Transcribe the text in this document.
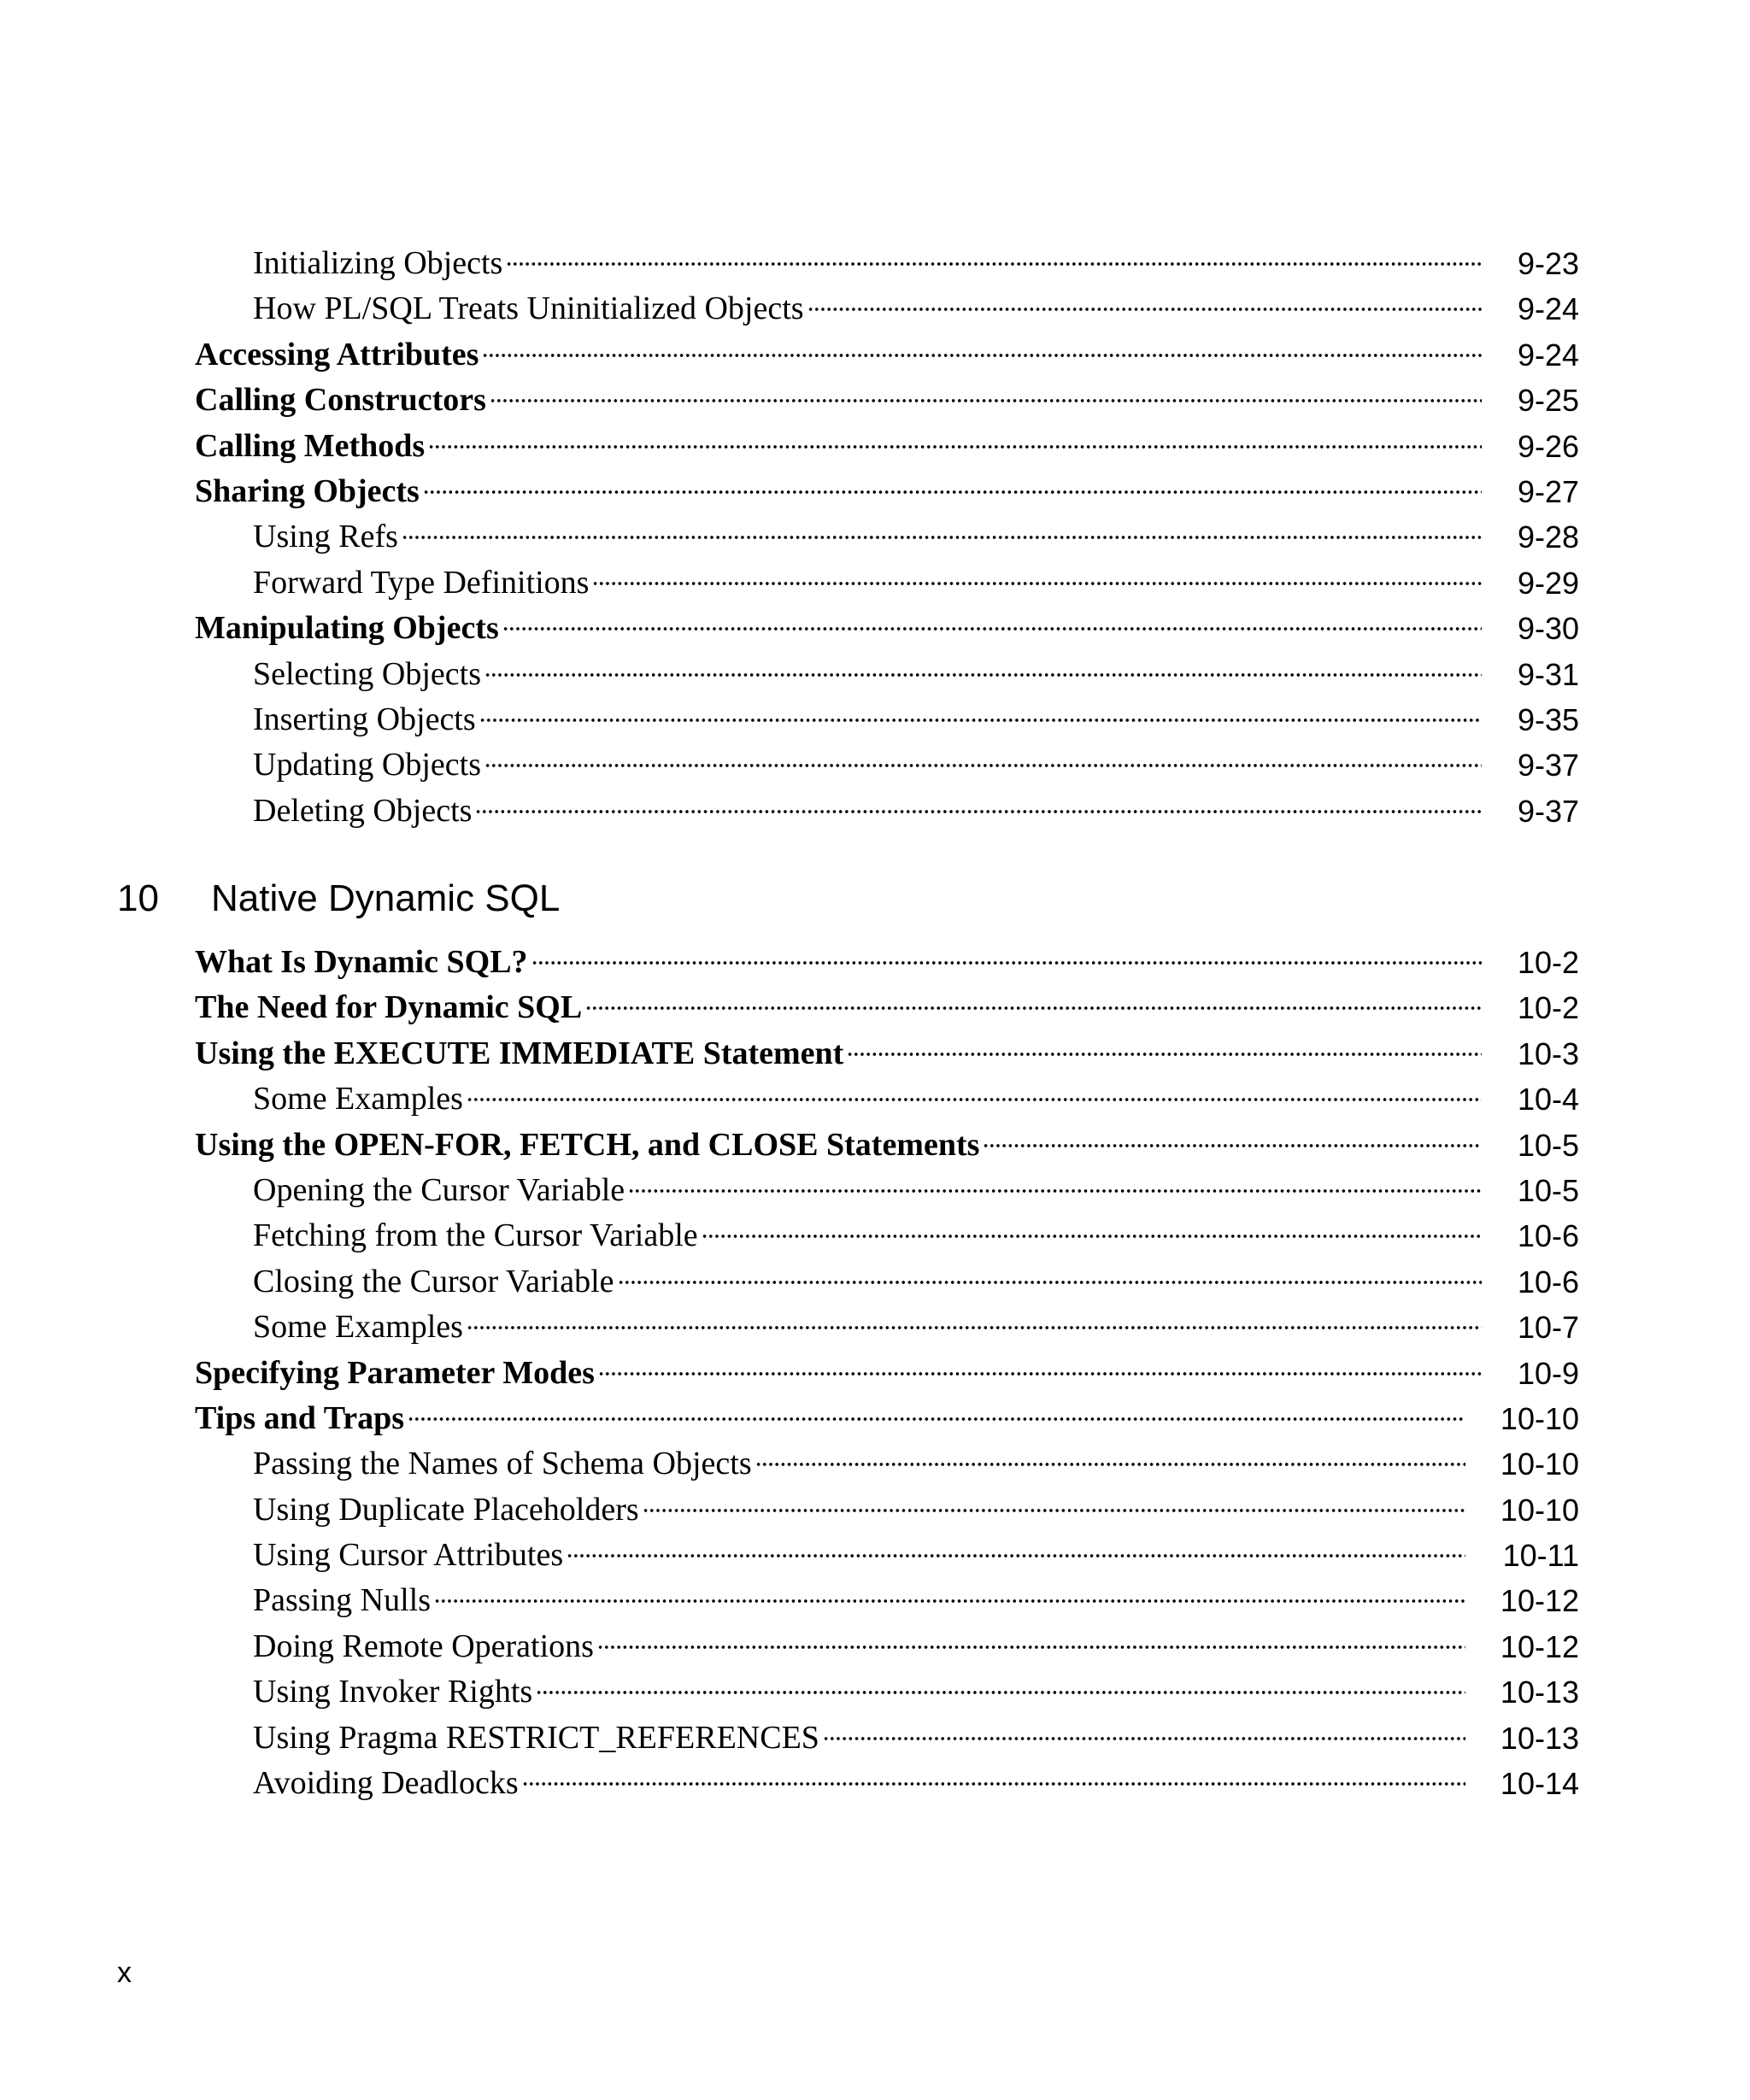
Initializing Objects	9-23
How PL/SQL Treats Uninitialized Objects	9-24
Accessing Attributes	9-24
Calling Constructors	9-25
Calling Methods	9-26
Sharing Objects	9-27
Using Refs	9-28
Forward Type Definitions	9-29
Manipulating Objects	9-30
Selecting Objects	9-31
Inserting Objects	9-35
Updating Objects	9-37
Deleting Objects	9-37
10 Native Dynamic SQL
What Is Dynamic SQL?	10-2
The Need for Dynamic SQL	10-2
Using the EXECUTE IMMEDIATE Statement	10-3
Some Examples	10-4
Using the OPEN-FOR, FETCH, and CLOSE Statements	10-5
Opening the Cursor Variable	10-5
Fetching from the Cursor Variable	10-6
Closing the Cursor Variable	10-6
Some Examples	10-7
Specifying Parameter Modes	10-9
Tips and Traps	10-10
Passing the Names of Schema Objects	10-10
Using Duplicate Placeholders	10-10
Using Cursor Attributes	10-11
Passing Nulls	10-12
Doing Remote Operations	10-12
Using Invoker Rights	10-13
Using Pragma RESTRICT_REFERENCES	10-13
Avoiding Deadlocks	10-14
x
